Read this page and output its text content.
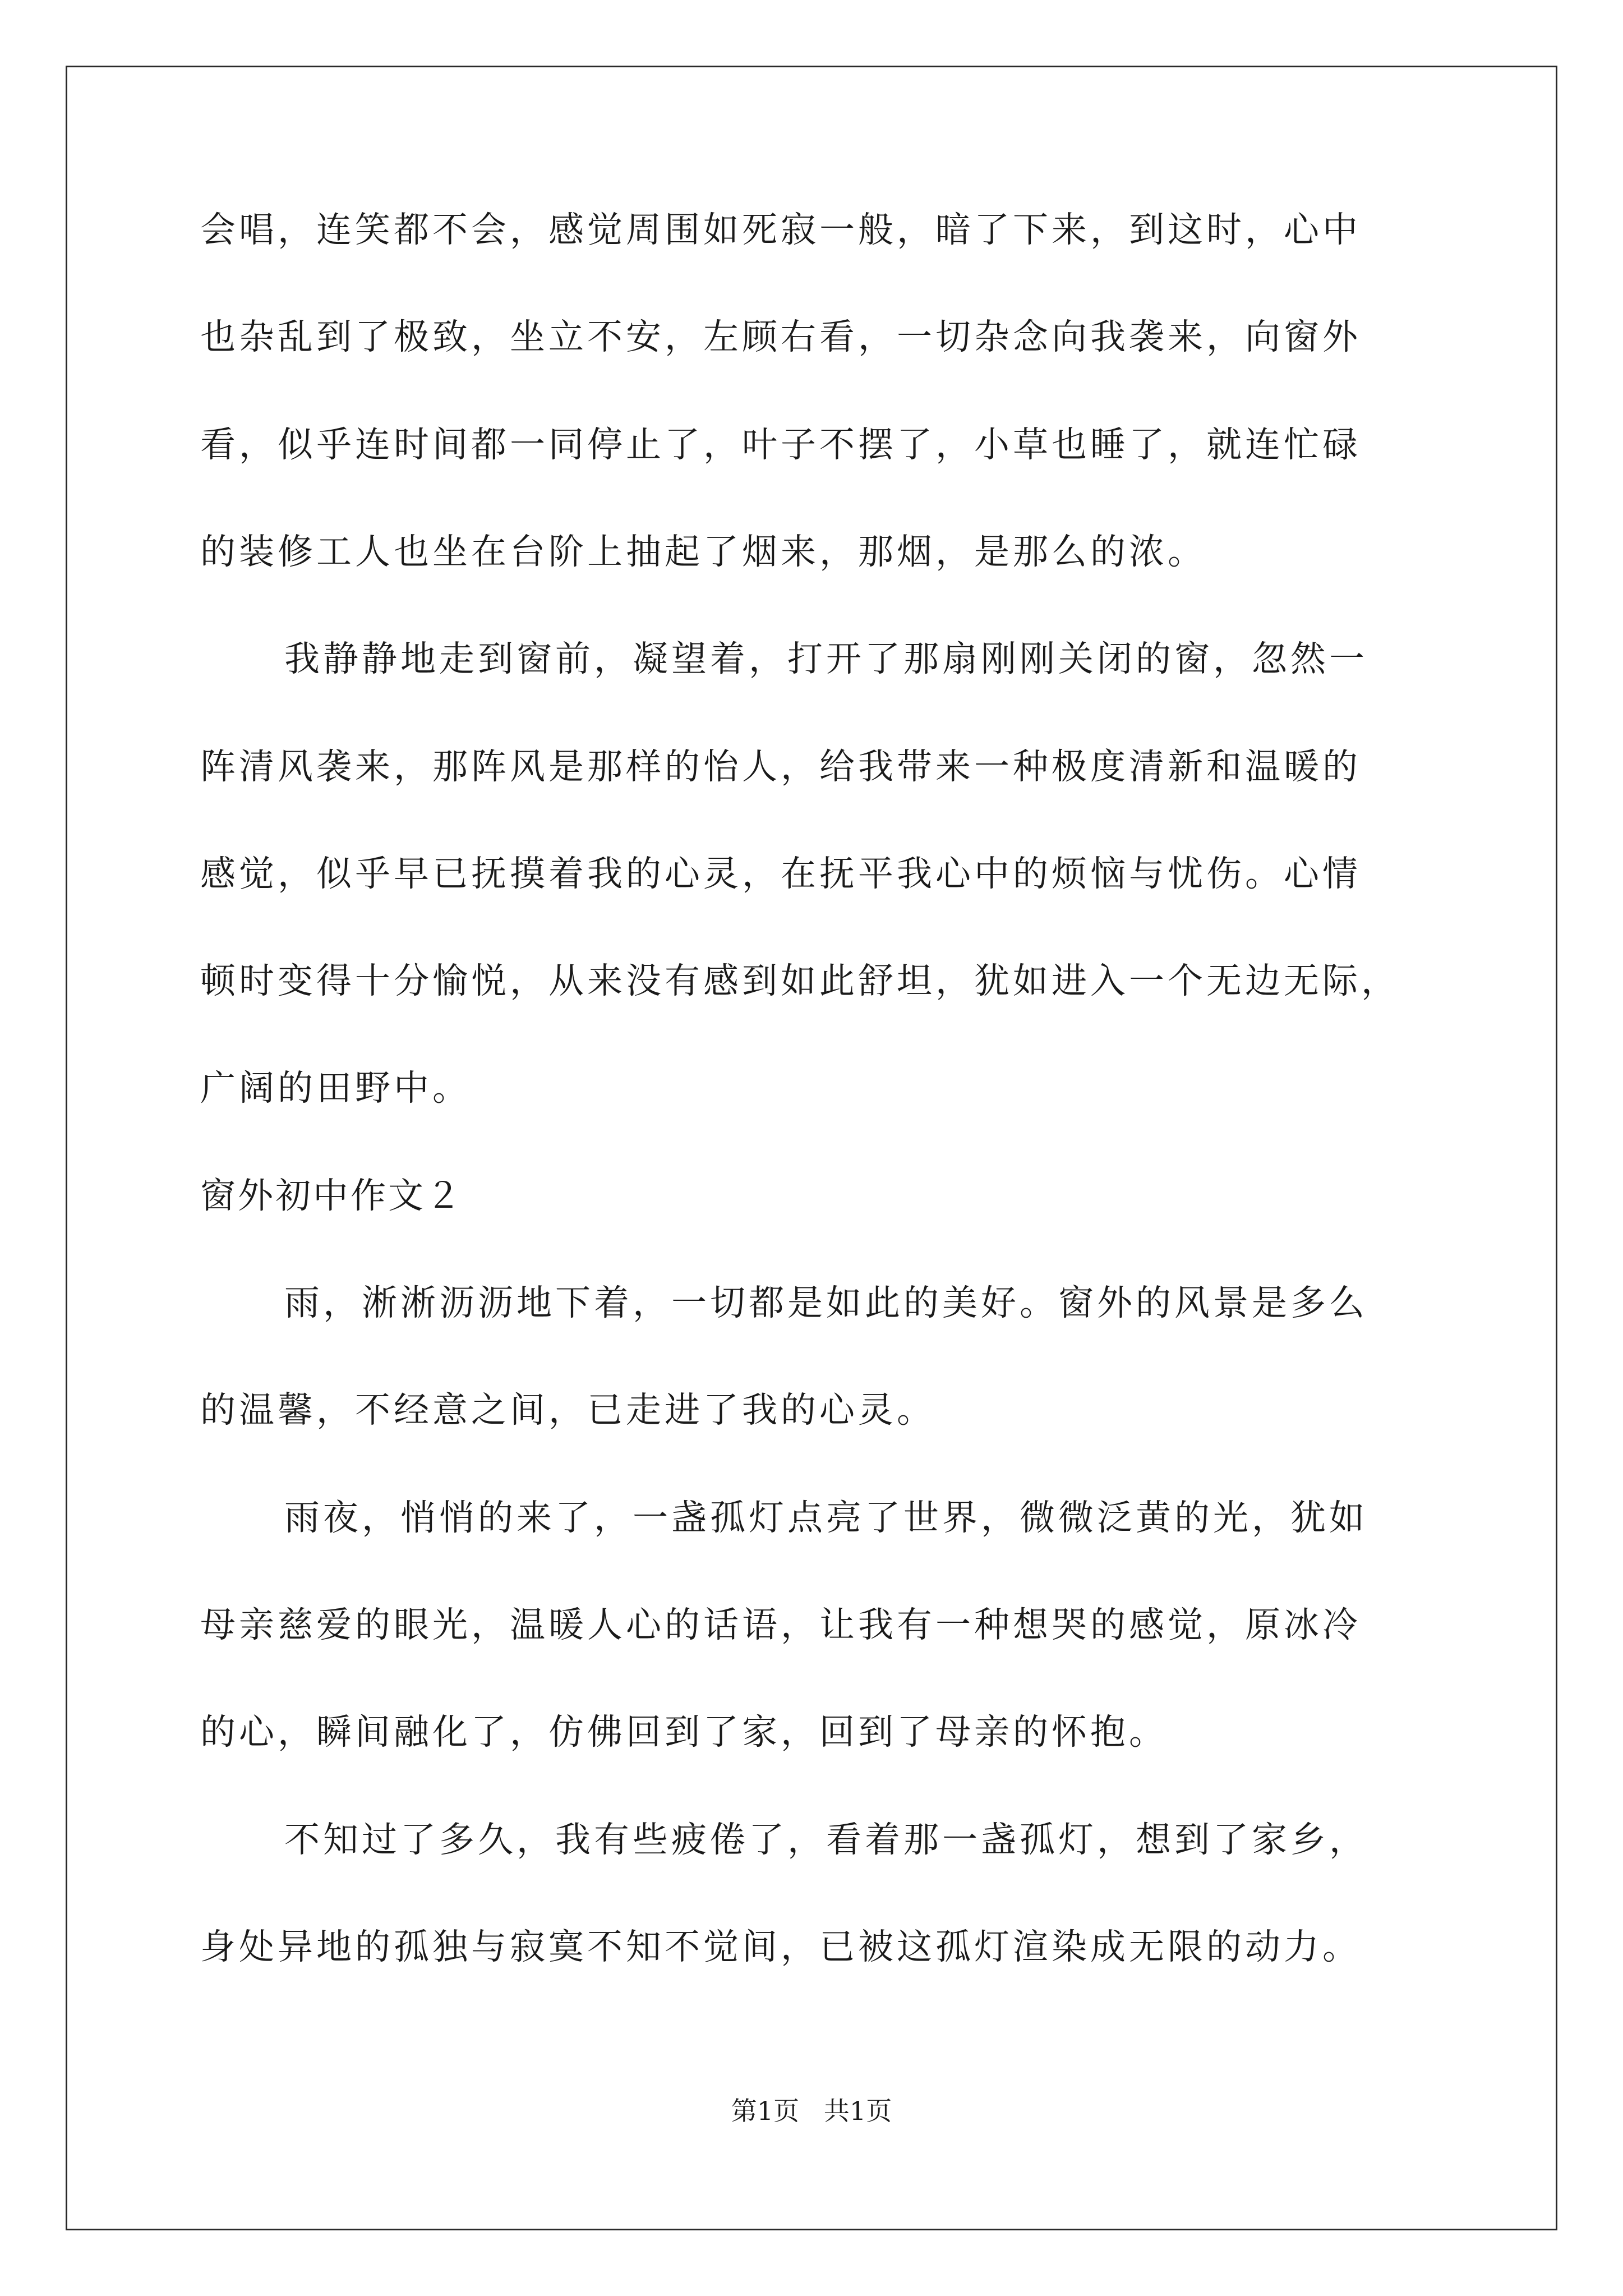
会唱，连笑都不会，感觉周围如死寂一般，暗了下来，到这时，心中
也杂乱到了极致，坐立不安，左顾右看，一切杂念向我袭来，向窗外
看，似乎连时间都一同停止了，叶子不摆了，小草也睡了，就连忙碌
的装修工人也坐在台阶上抽起了烟来，那烟，是那么的浓。
我静静地走到窗前，凝望着，打开了那扇刚刚关闭的窗，忽然一
阵清风袭来，那阵风是那样的怡人，给我带来一种极度清新和温暖的
感觉，似乎早已抚摸着我的心灵，在抚平我心中的烦恼与忧伤。心情
顿时变得十分愉悦，从来没有感到如此舒坦，犹如进入一个无边无际，
广阔的田野中。
窗外初中作文２
雨，淅淅沥沥地下着，一切都是如此的美好。窗外的风景是多么
的温馨，不经意之间，已走进了我的心灵。
雨夜，悄悄的来了，一盏孤灯点亮了世界，微微泛黄的光，犹如
母亲慈爱的眼光，温暖人心的话语，让我有一种想哭的感觉，原冰冷
的心，瞬间融化了，仿佛回到了家，回到了母亲的怀抱。
不知过了多久，我有些疲倦了，看着那一盏孤灯，想到了家乡，
身处异地的孤独与寂寞不知不觉间，已被这孤灯渲染成无限的动力。
第1页   共1页
